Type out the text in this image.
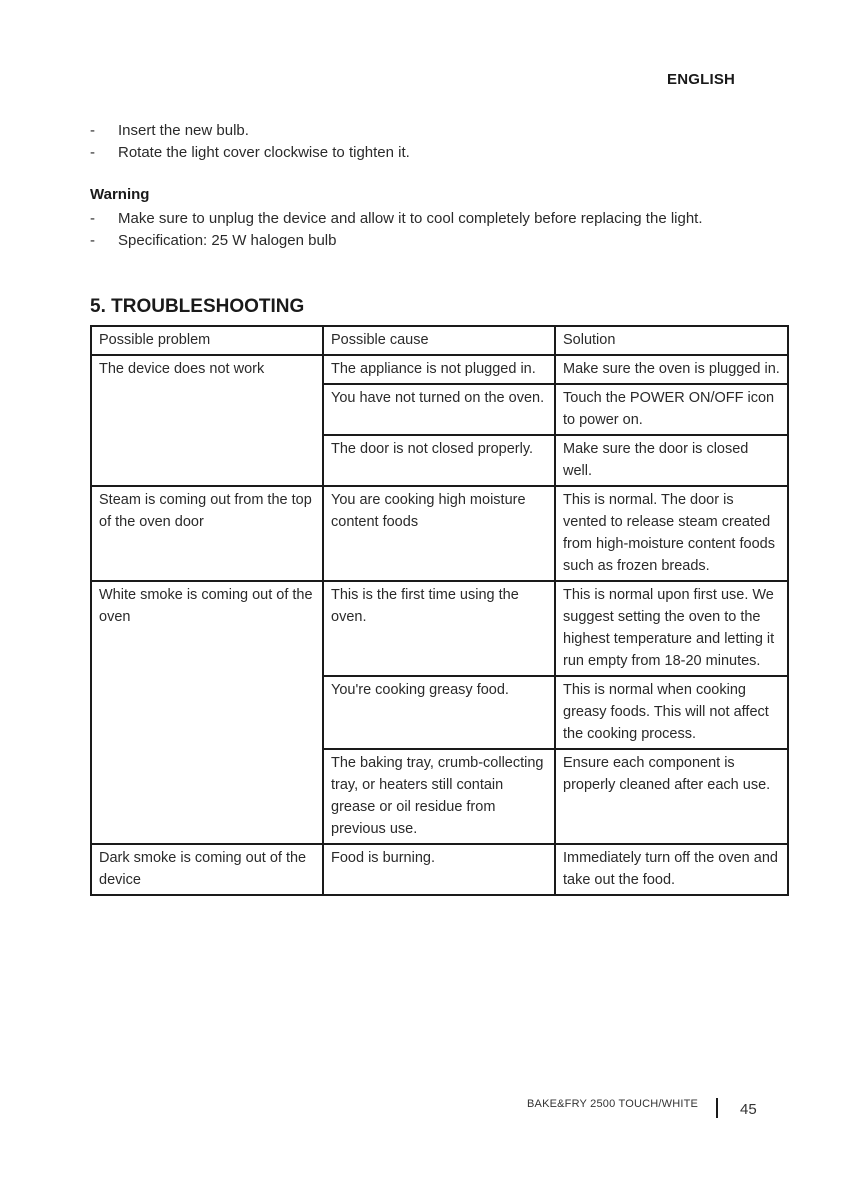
ENGLISH
- Insert the new bulb.
- Rotate the light cover clockwise to tighten it.
Warning
- Make sure to unplug the device and allow it to cool completely before replacing the light.
- Specification: 25 W halogen bulb
5. TROUBLESHOOTING
Possible problem	Possible cause	Solution
The device does not work	The appliance is not plugged in.	Make sure the oven is plugged in.
	You have not turned on the oven.	Touch the POWER ON/OFF icon to power on.
	The door is not closed properly.	Make sure the door is closed well.
Steam is coming out from the top of the oven door	You are cooking high moisture content foods	This is normal. The door is vented to release steam created from high-moisture content foods such as frozen breads.
White smoke is coming out of the oven	This is the first time using the oven.	This is normal upon first use. We suggest setting the oven to the highest temperature and letting it run empty from 18-20 minutes.
	You're cooking greasy food.	This is normal when cooking greasy foods. This will not affect the cooking process.
	The baking tray, crumb-collecting tray, or heaters still contain grease or oil residue from previous use.	Ensure each component is properly cleaned after each use.
Dark smoke is coming out of the device	Food is burning.	Immediately turn off the oven and take out the food.
BAKE&FRY 2500 TOUCH/WHITE	45
